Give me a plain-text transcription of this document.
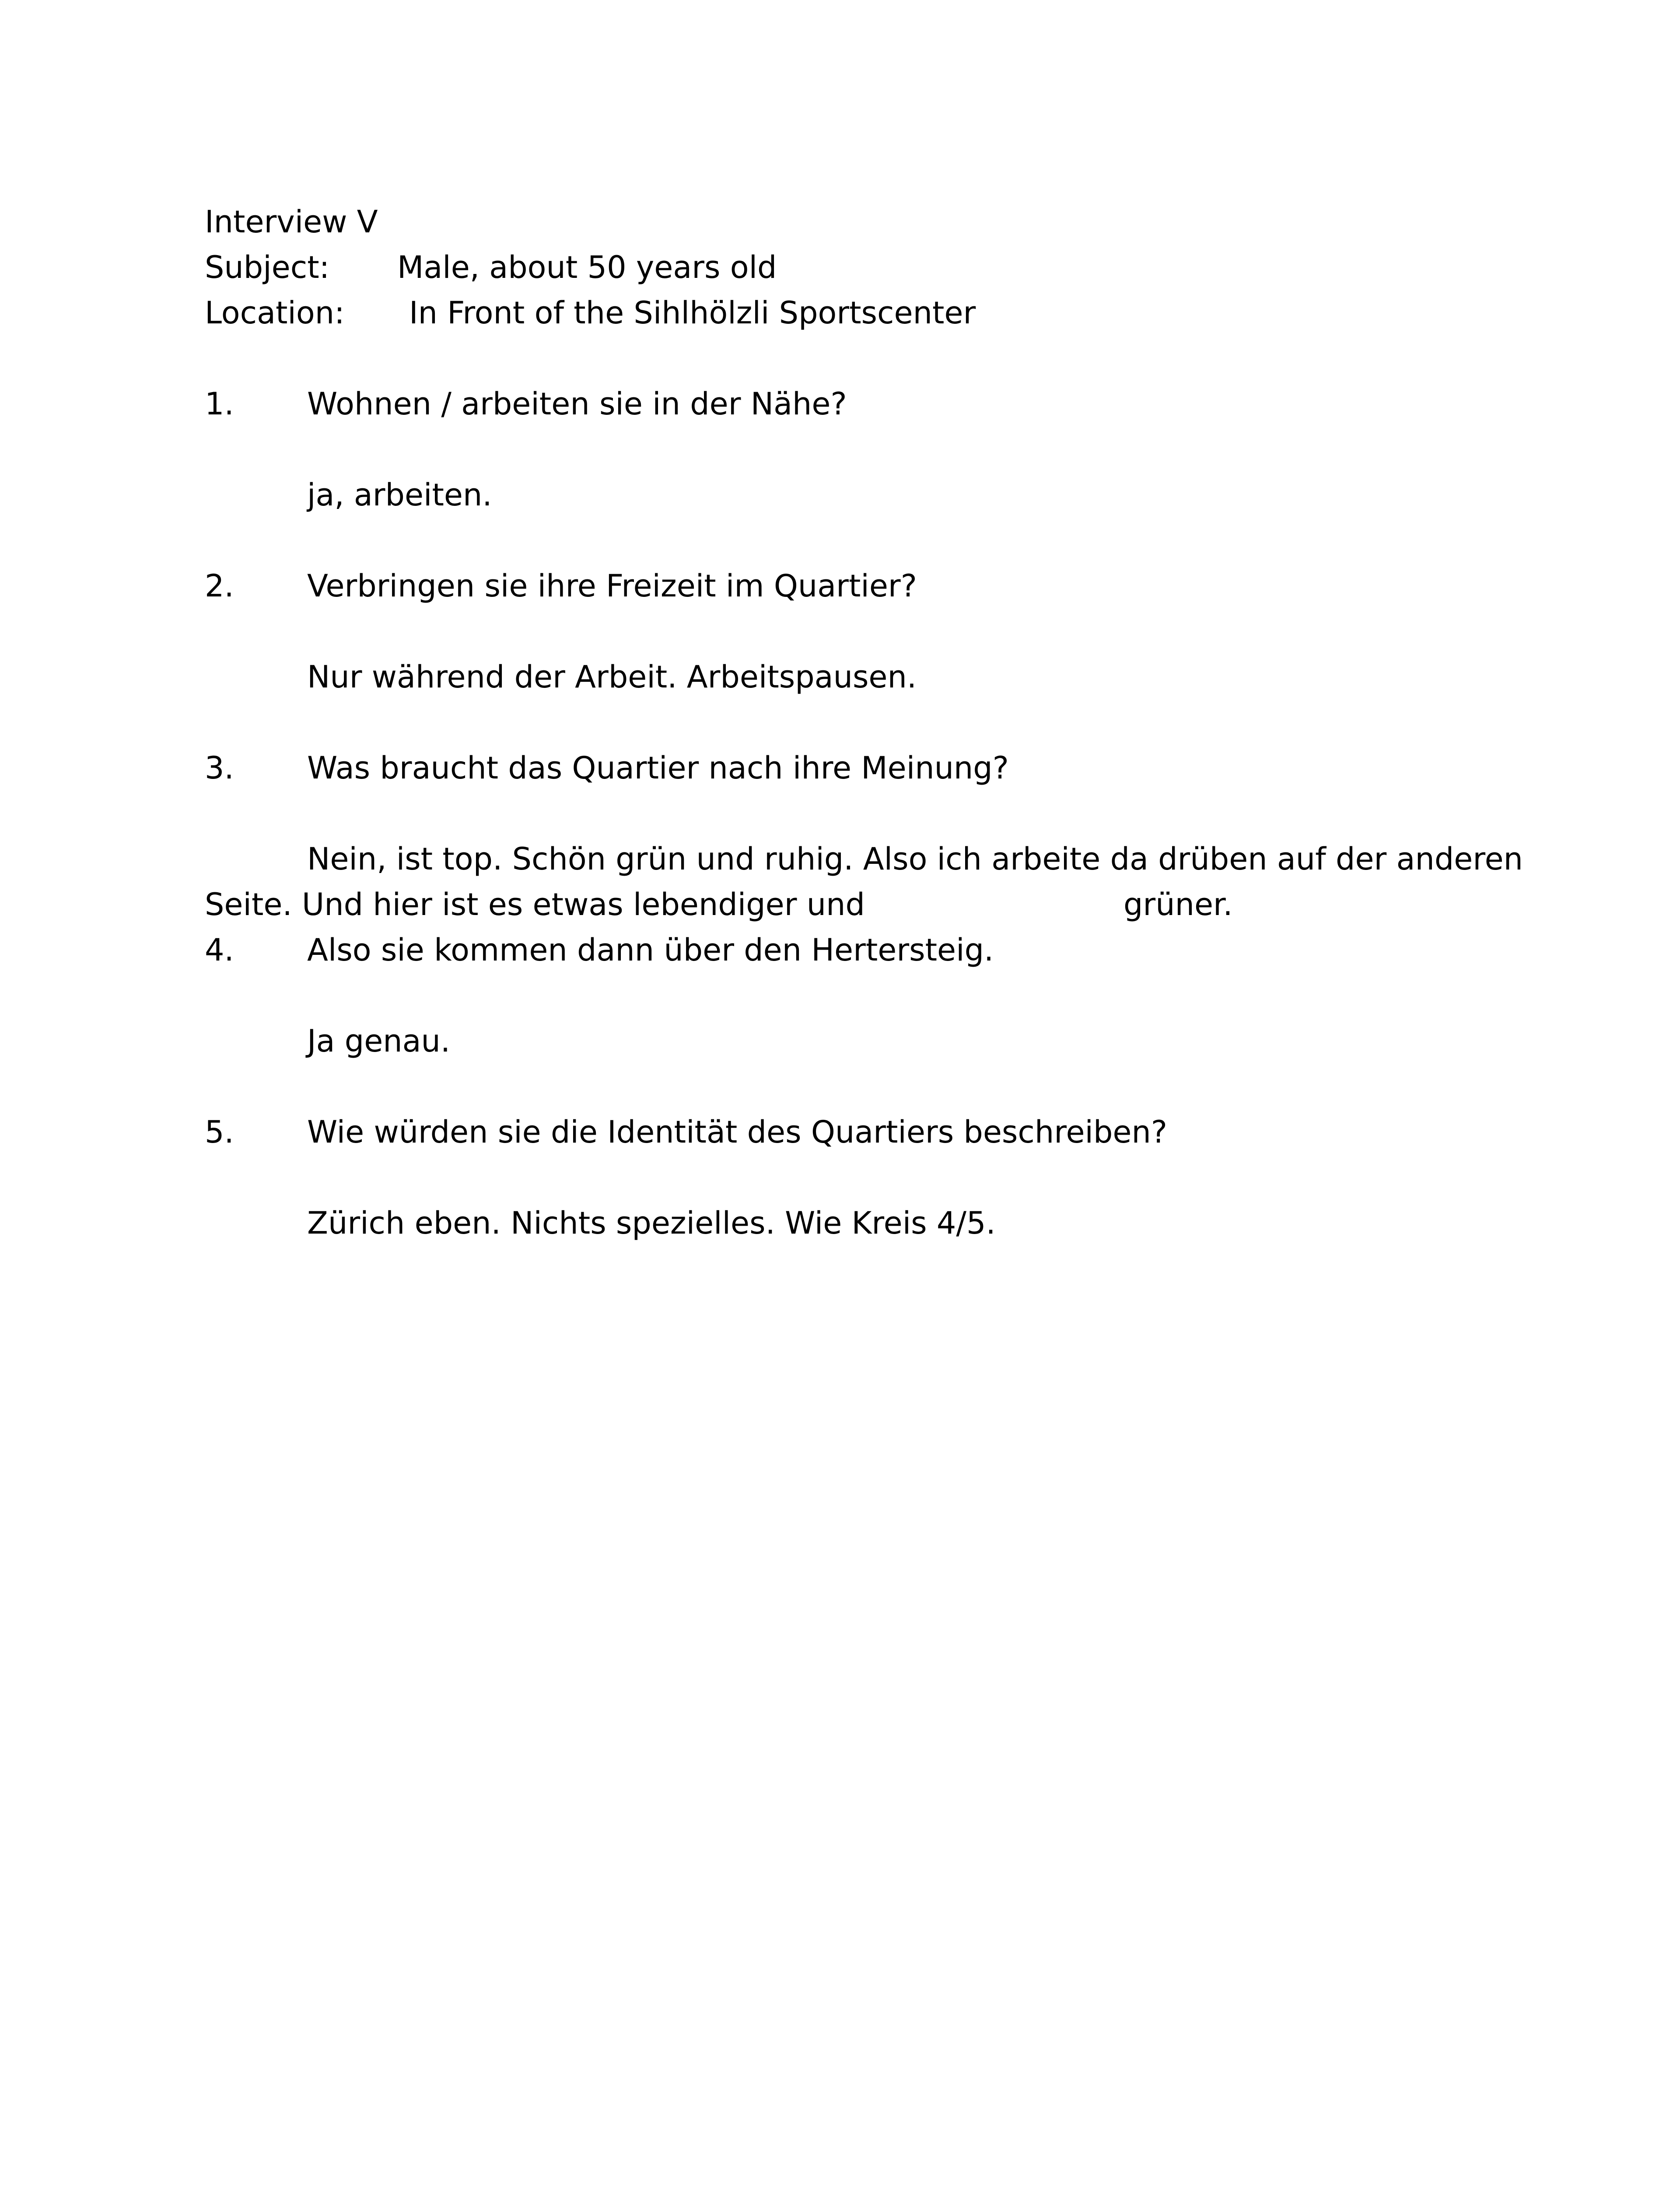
Interview V
Subject: Male, about 50 years old
Location: In Front of the Sihlhölzli Sportscenter
1. Wohnen / arbeiten sie in der Nähe?
ja, arbeiten.
2. Verbringen sie ihre Freizeit im Quartier?
Nur während der Arbeit. Arbeitspausen.
3. Was braucht das Quartier nach ihre Meinung?
Nein, ist top. Schön grün und ruhig. Also ich arbeite da drüben auf der anderen
Seite. Und hier ist es etwas lebendiger und	grüner.
4. Also sie kommen dann über den Hertersteig.
Ja genau.
5. Wie würden sie die Identität des Quartiers beschreiben?
Zürich eben. Nichts spezielles. Wie Kreis 4/5.
